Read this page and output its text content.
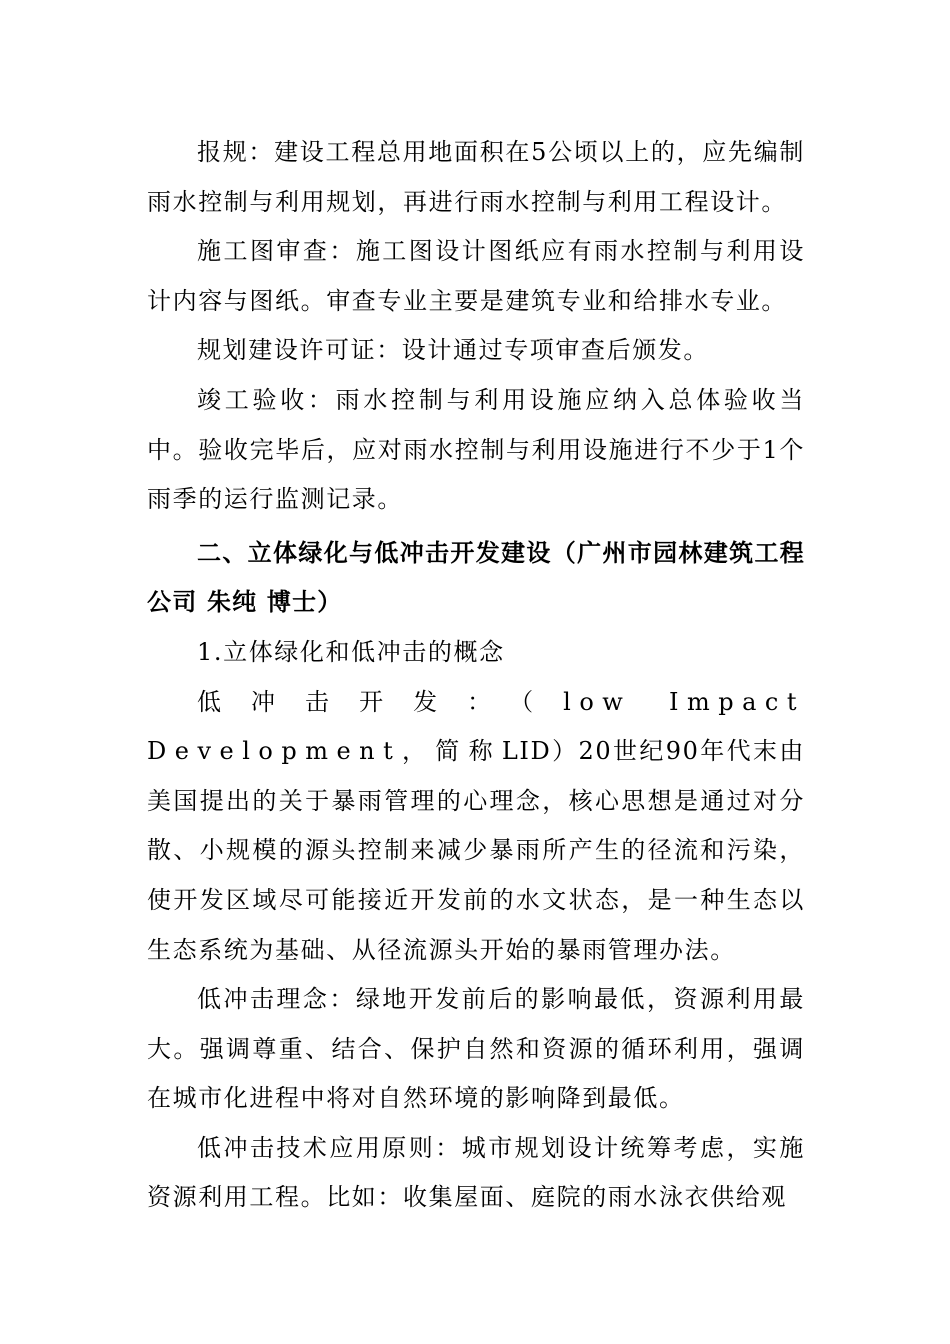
报规：建设工程总用地面积在5公顷以上的，应先编制雨水控制与利用规划，再进行雨水控制与利用工程设计。

施工图审查：施工图设计图纸应有雨水控制与利用设计内容与图纸。审查专业主要是建筑专业和给排水专业。

规划建设许可证：设计通过专项审查后颁发。

竣工验收：雨水控制与利用设施应纳入总体验收当中。验收完毕后，应对雨水控制与利用设施进行不少于1个雨季的运行监测记录。

二、立体绿化与低冲击开发建设（广州市园林建筑工程公司 朱纯 博士）

1.立体绿化和低冲击的概念

低冲击开发：（low Impact Development，简称LID）20世纪90年代末由美国提出的关于暴雨管理的心理念，核心思想是通过对分散、小规模的源头控制来减少暴雨所产生的径流和污染，使开发区域尽可能接近开发前的水文状态，是一种生态以生态系统为基础、从径流源头开始的暴雨管理办法。

低冲击理念：绿地开发前后的影响最低，资源利用最大。强调尊重、结合、保护自然和资源的循环利用，强调在城市化进程中将对自然环境的影响降到最低。

低冲击技术应用原则：城市规划设计统筹考虑，实施资源利用工程。比如：收集屋面、庭院的雨水泳衣供给观
